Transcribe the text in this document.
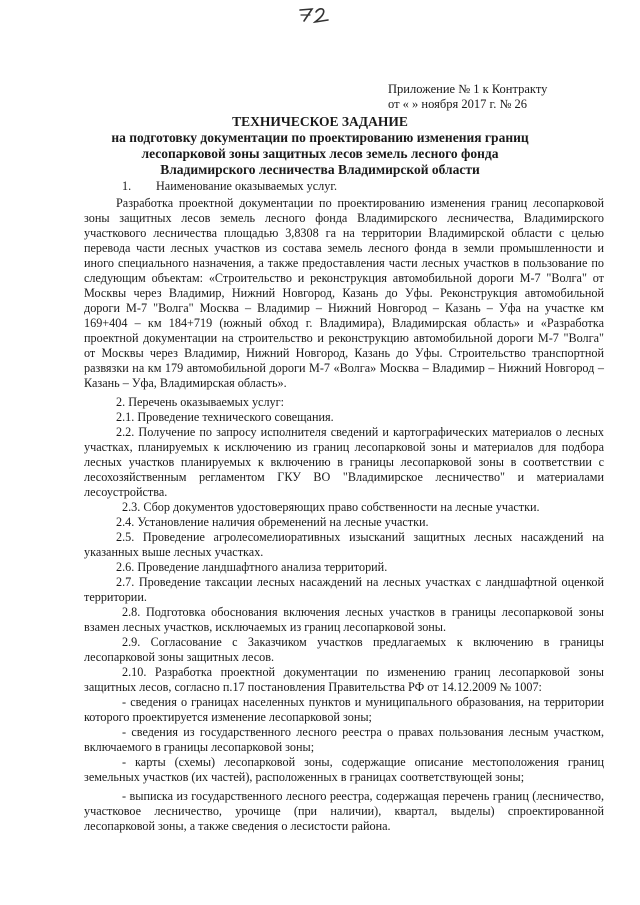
Приложение № 1 к Контракту
от « » ноября 2017 г. № 26
ТЕХНИЧЕСКОЕ ЗАДАНИЕ
на подготовку документации по проектированию изменения границ
лесопарковой зоны защитных лесов земель лесного фонда
Владимирского лесничества Владимирской области

1. Наименование оказываемых услуг.

Разработка проектной документации по проектированию изменения границ лесопарковой зоны защитных лесов земель лесного фонда Владимирского лесничества, Владимирского участкового лесничества площадью 3,8308 га на территории Владимирской области с целью перевода части лесных участков из состава земель лесного фонда в земли промышленности и иного специального назначения, а также предоставления части лесных участков в пользование по следующим объектам: «Строительство и реконструкция автомобильной дороги М-7 "Волга" от Москвы через Владимир, Нижний Новгород, Казань до Уфы. Реконструкция автомобильной дороги М-7 "Волга" Москва – Владимир – Нижний Новгород – Казань – Уфа на участке км 169+404 – км 184+719 (южный обход г. Владимира), Владимирская область» и «Разработка проектной документации на строительство и реконструкцию автомобильной дороги М-7 "Волга" от Москвы через Владимир, Нижний Новгород, Казань до Уфы. Строительство транспортной развязки на км 179 автомобильной дороги М-7 «Волга» Москва – Владимир – Нижний Новгород – Казань – Уфа, Владимирская область».

2. Перечень оказываемых услуг:

2.1. Проведение технического совещания.

2.2. Получение по запросу исполнителя сведений и картографических материалов о лесных участках, планируемых к исключению из границ лесопарковой зоны и материалов для подбора лесных участков планируемых к включению в границы лесопарковой зоны в соответствии с лесохозяйственным регламентом ГКУ ВО "Владимирское лесничество" и материалами лесоустройства.

2.3. Сбор документов удостоверяющих право собственности на лесные участки.

2.4. Установление наличия обременений на лесные участки.

2.5. Проведение агролесомелиоративных изысканий защитных лесных насаждений на указанных выше лесных участках.

2.6. Проведение ландшафтного анализа территорий.

2.7. Проведение таксации лесных насаждений на лесных участках с ландшафтной оценкой территории.

2.8. Подготовка обоснования включения лесных участков в границы лесопарковой зоны взамен лесных участков, исключаемых из границ лесопарковой зоны.

2.9. Согласование с Заказчиком участков предлагаемых к включению в границы лесопарковой зоны защитных лесов.

2.10. Разработка проектной документации по изменению границ лесопарковой зоны защитных лесов, согласно п.17 постановления Правительства РФ от 14.12.2009 № 1007:

- сведения о границах населенных пунктов и муниципального образования, на территории которого проектируется изменение лесопарковой зоны;

- сведения из государственного лесного реестра о правах пользования лесным участком, включаемого в границы лесопарковой зоны;

- карты (схемы) лесопарковой зоны, содержащие описание местоположения границ земельных участков (их частей), расположенных в границах соответствующей зоны;

- выписка из государственного лесного реестра, содержащая перечень границ (лесничество, участковое лесничество, урочище (при наличии), квартал, выделы) спроектированной лесопарковой зоны, а также сведения о лесистости района.
